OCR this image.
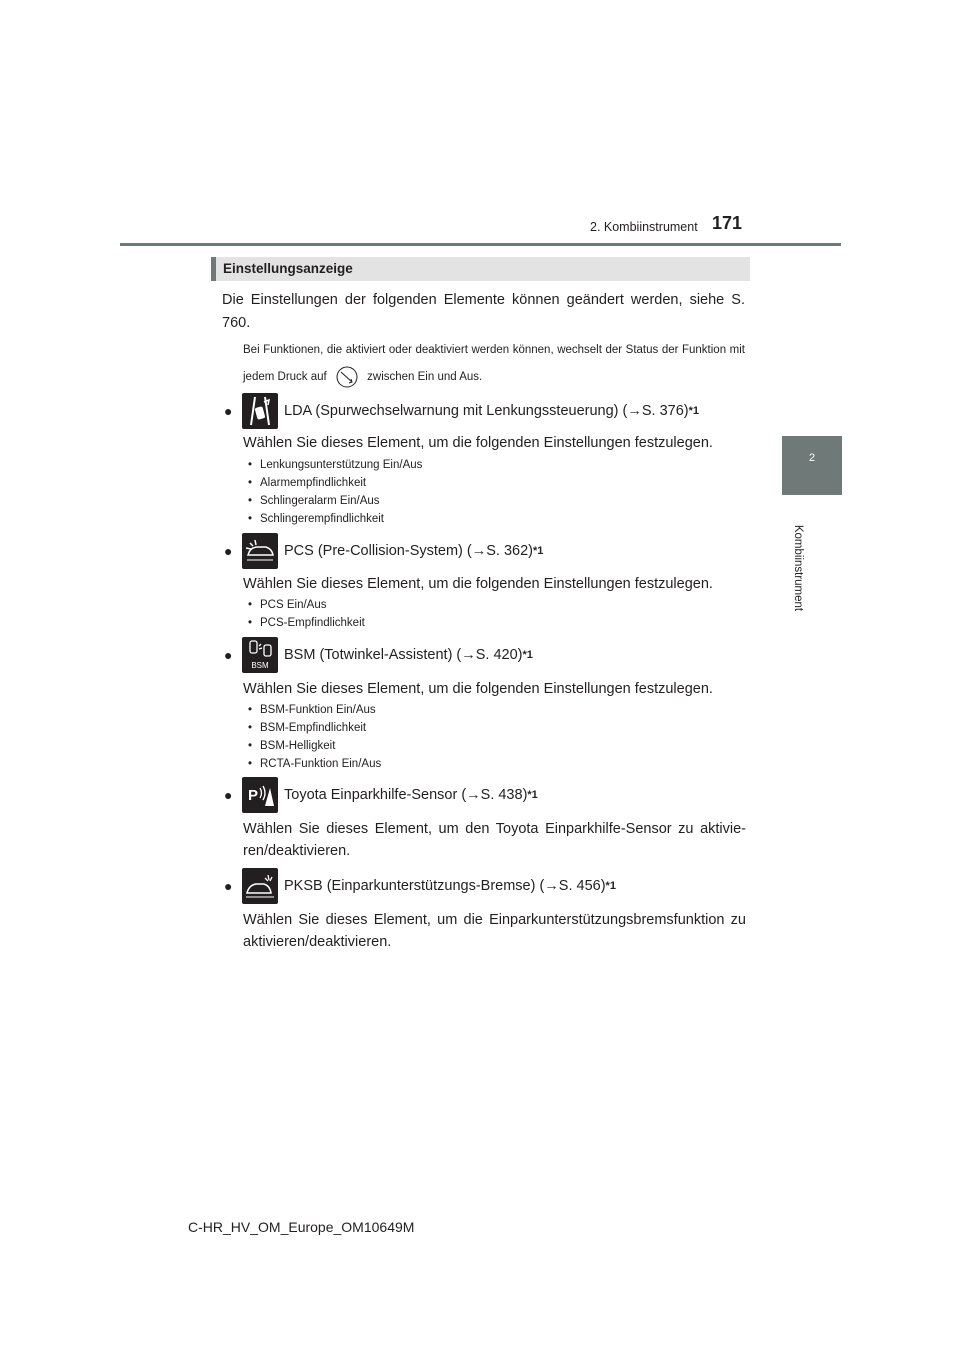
2. Kombiinstrument 171
2
Kombiinstrument
Einstellungsanzeige
Die Einstellungen der folgenden Elemente können geändert werden, siehe S. 760.
Bei Funktionen, die aktiviert oder deaktiviert werden können, wechselt der Status der Funktion mit jedem Druck auf	zwischen Ein und Aus.
●	LDA (Spurwechselwarnung mit Lenkungssteuerung) (→S. 376) *1
Wählen Sie dieses Element, um die folgenden Einstellungen festzulegen.
• Lenkungsunterstützung Ein/Aus
• Alarmempfindlichkeit
• Schlingeralarm Ein/Aus
• Schlingerempfindlichkeit
●	PCS (Pre-Collision-System) (→S. 362) *1
Wählen Sie dieses Element, um die folgenden Einstellungen festzulegen.
• PCS Ein/Aus
• PCS-Empfindlichkeit
●
BSM
BSM (Totwinkel-Assistent) (→S. 420) *1
Wählen Sie dieses Element, um die folgenden Einstellungen festzulegen.
• BSM-Funktion Ein/Aus
• BSM-Empfindlichkeit
• BSM-Helligkeit
• RCTA-Funktion Ein/Aus
●	P Toyota Einparkhilfe-Sensor (→S. 438) *1
Wählen Sie dieses Element, um den Toyota Einparkhilfe-Sensor zu aktivie-ren/deaktivieren.
●	PKSB (Einparkunterstützungs-Bremse) (→S. 456) *1
Wählen Sie dieses Element, um die Einparkunterstützungsbremsfunktion zu aktivieren/deaktivieren.
C-HR_HV_OM_Europe_OM10649M
